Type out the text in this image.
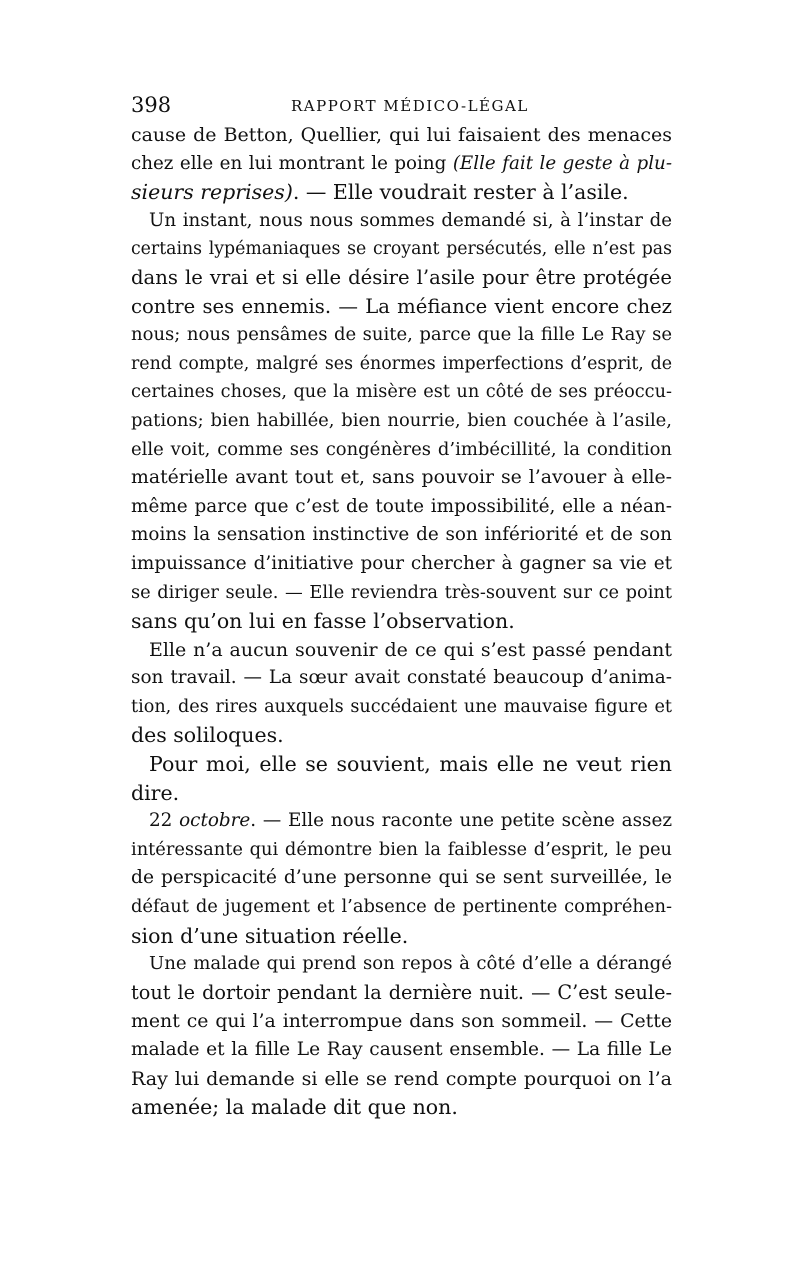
398	RAPPORT MÉDICO-LÉGAL
cause de Betton, Quellier, qui lui faisaient des menaces
chez elle en lui montrant le poing (Elle fait le geste à plu-
sieurs reprises). — Elle voudrait rester à l’asile.
Un instant, nous nous sommes demandé si, à l’instar de
certains lypémaniaques se croyant persécutés, elle n’est pas
dans le vrai et si elle désire l’asile pour être protégée
contre ses ennemis. — La méfiance vient encore chez
nous; nous pensâmes de suite, parce que la fille Le Ray se
rend compte, malgré ses énormes imperfections d’esprit, de
certaines choses, que la misère est un côté de ses préoccu-
pations; bien habillée, bien nourrie, bien couchée à l’asile,
elle voit, comme ses congénères d’imbécillité, la condition
matérielle avant tout et, sans pouvoir se l’avouer à elle-
même parce que c’est de toute impossibilité, elle a néan-
moins la sensation instinctive de son infériorité et de son
impuissance d’initiative pour chercher à gagner sa vie et
se diriger seule. — Elle reviendra très-souvent sur ce point
sans qu’on lui en fasse l’observation.
Elle n’a aucun souvenir de ce qui s’est passé pendant
son travail. — La sœur avait constaté beaucoup d’anima-
tion, des rires auxquels succédaient une mauvaise figure et
des soliloques.
Pour moi, elle se souvient, mais elle ne veut rien
dire.
22 octobre. — Elle nous raconte une petite scène assez
intéressante qui démontre bien la faiblesse d’esprit, le peu
de perspicacité d’une personne qui se sent surveillée, le
défaut de jugement et l’absence de pertinente compréhen-
sion d’une situation réelle.
Une malade qui prend son repos à côté d’elle a dérangé
tout le dortoir pendant la dernière nuit. — C’est seule-
ment ce qui l’a interrompue dans son sommeil. — Cette
malade et la fille Le Ray causent ensemble. — La fille Le
Ray lui demande si elle se rend compte pourquoi on l’a
amenée; la malade dit que non.
